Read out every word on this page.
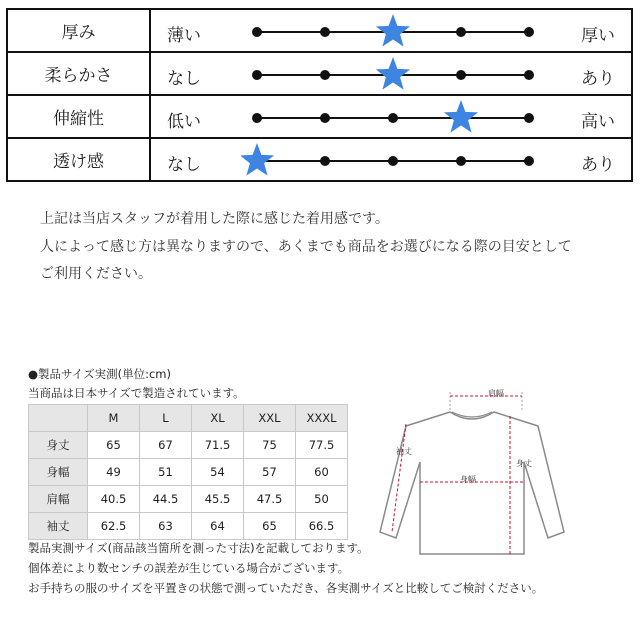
厚み	薄い 厚い

柔らかさ	なし あり

伸縮性	低い 高い

透け感	なし あり
上記は当店スタッフが着用した際に感じた着用感です。
人によって感じ方は異なりますので、あくまでも商品をお選びになる際の目安として
ご利用ください。
●製品サイズ実測(単位:cm)
当商品は日本サイズで製造されています。
	M	L	XL	XXL	XXXL
身丈	65	67	71.5	75	77.5
身幅	49	51	54	57	60
肩幅	40.5	44.5	45.5	47.5	50
袖丈	62.5	63	64	65	66.5
肩幅
袖丈
身丈
身幅
製品実測サイズ(商品該当箇所を測った寸法)を記載しております。
個体差により数センチの誤差が生じている場合がございます。
お手持ちの服のサイズを平置きの状態で測っていただき、各実測サイズと比較してご検討ください。
